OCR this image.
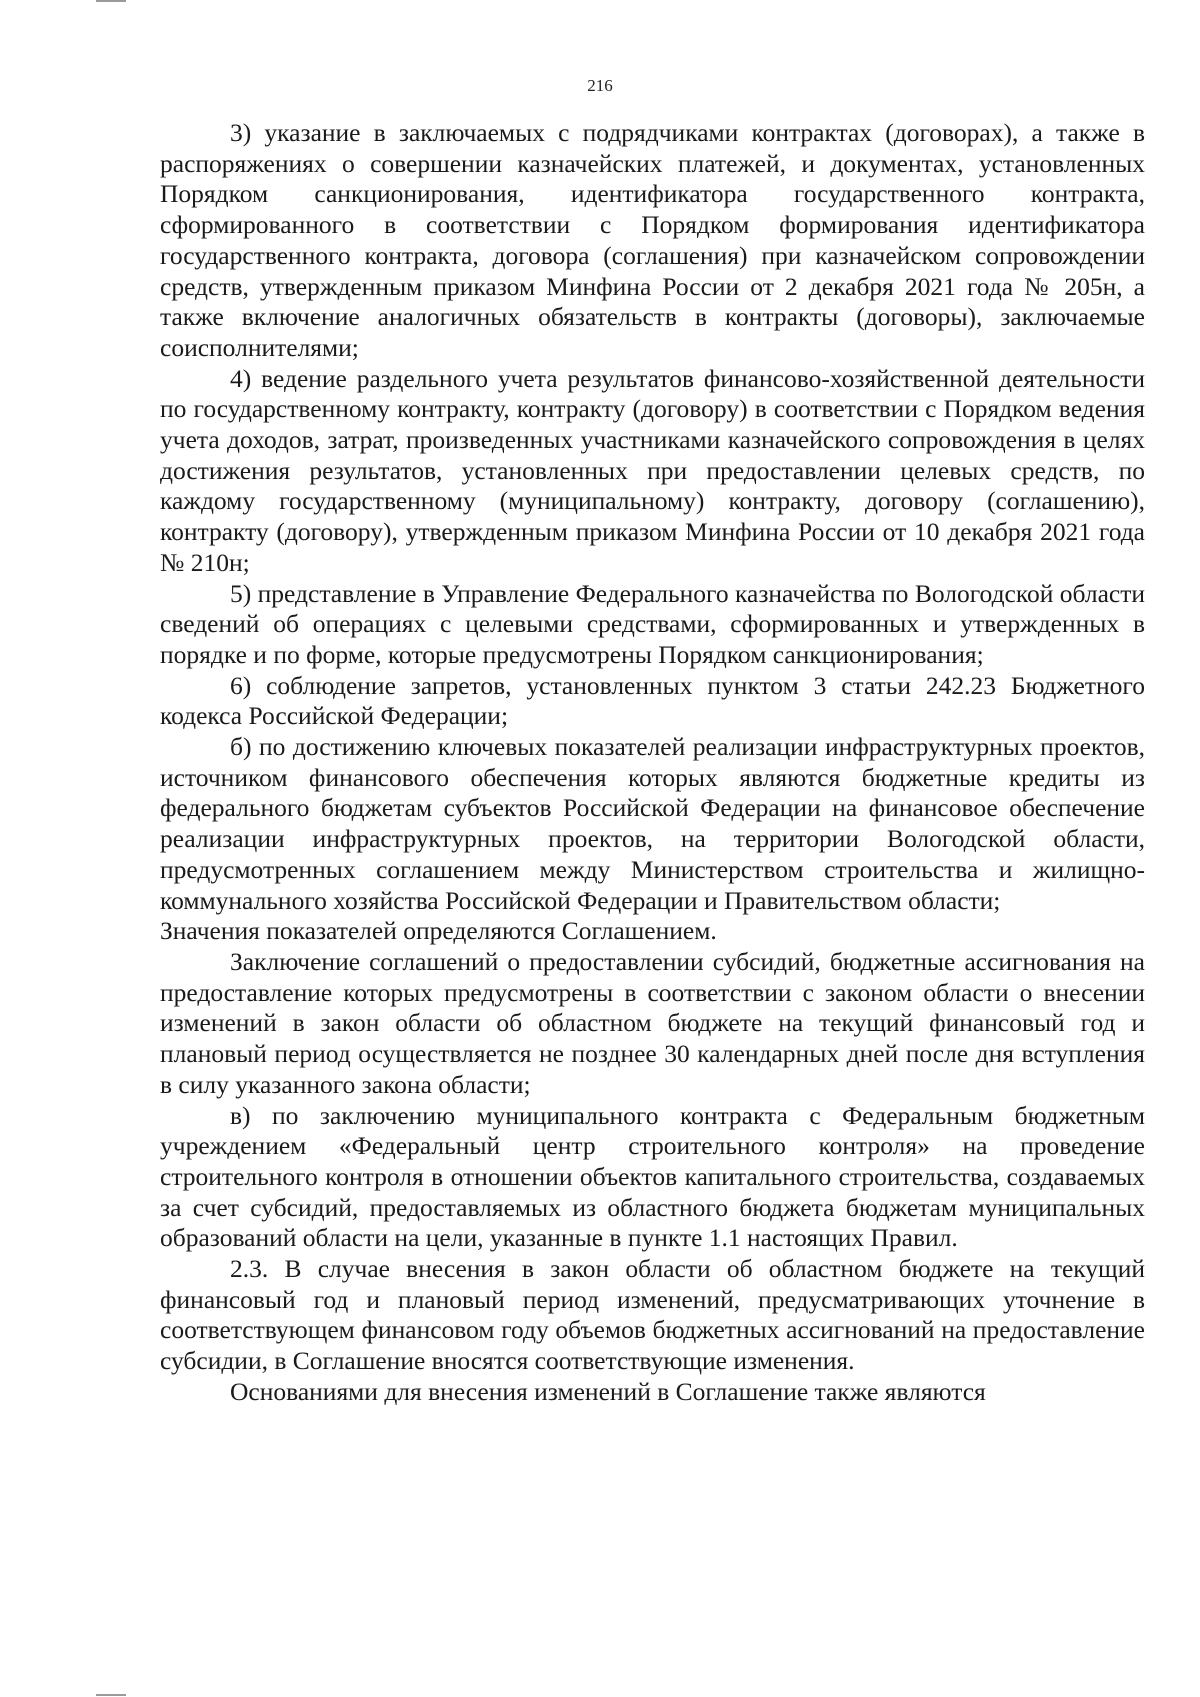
216

3) указание в заключаемых с подрядчиками контрактах (договорах), а также в распоряжениях о совершении казначейских платежей, и документах, установленных Порядком санкционирования, идентификатора государственного контракта, сформированного в соответствии с Порядком формирования идентификатора государственного контракта, договора (соглашения) при казначейском сопровождении средств, утвержденным приказом Минфина России от 2 декабря 2021 года № 205н, а также включение аналогичных обязательств в контракты (договоры), заключаемые соисполнителями;

4) ведение раздельного учета результатов финансово-хозяйственной деятельности по государственному контракту, контракту (договору) в соответствии с Порядком ведения учета доходов, затрат, произведенных участниками казначейского сопровождения в целях достижения результатов, установленных при предоставлении целевых средств, по каждому государственному (муниципальному) контракту, договору (соглашению), контракту (договору), утвержденным приказом Минфина России от 10 декабря 2021 года № 210н;

5) представление в Управление Федерального казначейства по Вологодской области сведений об операциях с целевыми средствами, сформированных и утвержденных в порядке и по форме, которые предусмотрены Порядком санкционирования;

6) соблюдение запретов, установленных пунктом 3 статьи 242.23 Бюджетного кодекса Российской Федерации;

б) по достижению ключевых показателей реализации инфраструктурных проектов, источником финансового обеспечения которых являются бюджетные кредиты из федерального бюджетам субъектов Российской Федерации на финансовое обеспечение реализации инфраструктурных проектов, на территории Вологодской области, предусмотренных соглашением между Министерством строительства и жилищно-коммунального хозяйства Российской Федерации и Правительством области;

Значения показателей определяются Соглашением.

Заключение соглашений о предоставлении субсидий, бюджетные ассигнования на предоставление которых предусмотрены в соответствии с законом области о внесении изменений в закон области об областном бюджете на текущий финансовый год и плановый период осуществляется не позднее 30 календарных дней после дня вступления в силу указанного закона области;

в) по заключению муниципального контракта с Федеральным бюджетным учреждением «Федеральный центр строительного контроля» на проведение строительного контроля в отношении объектов капитального строительства, создаваемых за счет субсидий, предоставляемых из областного бюджета бюджетам муниципальных образований области на цели, указанные в пункте 1.1 настоящих Правил.

2.3. В случае внесения в закон области об областном бюджете на текущий финансовый год и плановый период изменений, предусматривающих уточнение в соответствующем финансовом году объемов бюджетных ассигнований на предоставление субсидии, в Соглашение вносятся соответствующие изменения.

Основаниями для внесения изменений в Соглашение также являются
